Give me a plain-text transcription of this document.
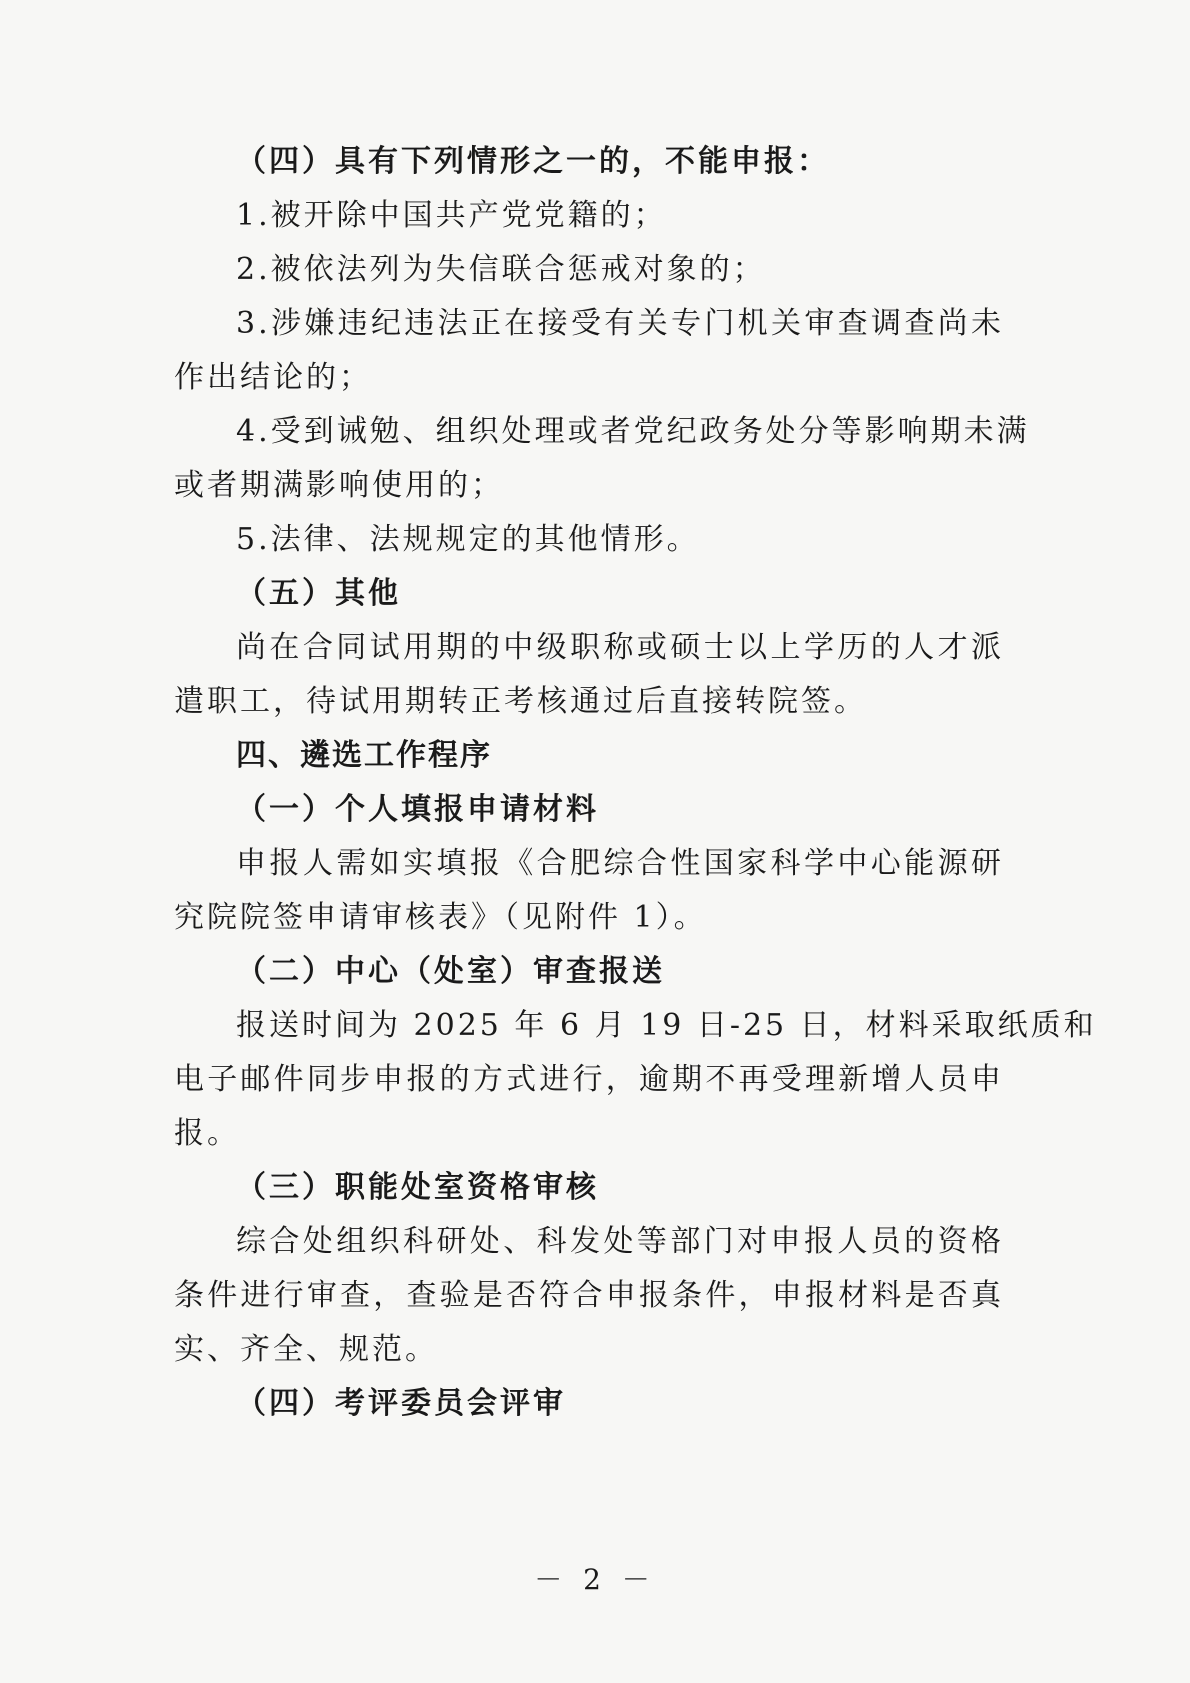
（四）具有下列情形之一的，不能申报：
1.被开除中国共产党党籍的；
2.被依法列为失信联合惩戒对象的；
3.涉嫌违纪违法正在接受有关专门机关审查调查尚未
作出结论的；
4.受到诫勉、组织处理或者党纪政务处分等影响期未满
或者期满影响使用的；
5.法律、法规规定的其他情形。
（五）其他
尚在合同试用期的中级职称或硕士以上学历的人才派
遣职工，待试用期转正考核通过后直接转院签。
四、遴选工作程序
（一）个人填报申请材料
申报人需如实填报《合肥综合性国家科学中心能源研
究院院签申请审核表》（见附件 1）。
（二）中心（处室）审查报送
报送时间为 2025 年 6 月 19 日-25 日，材料采取纸质和
电子邮件同步申报的方式进行，逾期不再受理新增人员申
报。
（三）职能处室资格审核
综合处组织科研处、科发处等部门对申报人员的资格
条件进行审查，查验是否符合申报条件，申报材料是否真
实、齐全、规范。
（四）考评委员会评审
－ 2 －
